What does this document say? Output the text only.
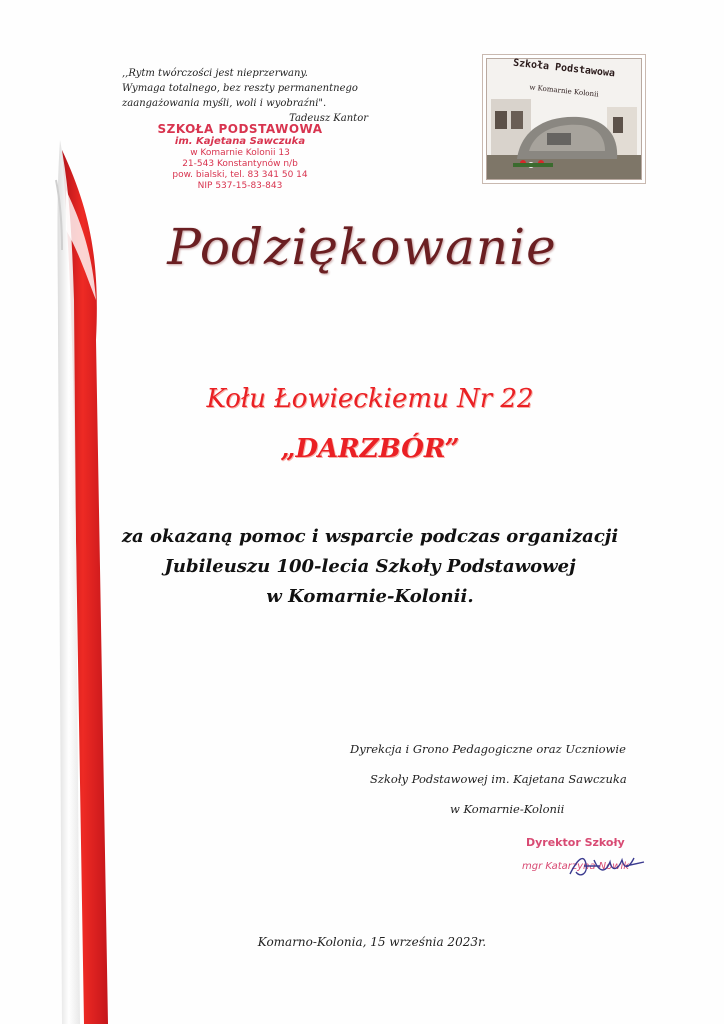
,,Rytm twórczości jest nieprzerwany.
Wymaga totalnego, bez reszty permanentnego
zaangażowania myśli, woli i wyobraźni".
Tadeusz Kantor
SZKOŁA PODSTAWOWA
im. Kajetana Sawczuka
w Komarnie Kolonii 13
21-543 Konstantynów n/b
pow. bialski, tel. 83 341 50 14
NIP 537-15-83-843
Szkoła Podstawowa
w Komarnie Kolonii
Podziękowanie
Kołu Łowieckiemu Nr 22
„DARZBÓR”
za okazaną pomoc i wsparcie podczas organizacji
Jubileuszu 100-lecia Szkoły Podstawowej
w Komarnie-Kolonii.
Dyrekcja i Grono Pedagogiczne oraz Uczniowie
Szkoły Podstawowej im. Kajetana Sawczuka
w Komarnie-Kolonii
Dyrektor Szkoły
mgr Katarzyna Nowik
Komarno-Kolonia, 15 września 2023r.
